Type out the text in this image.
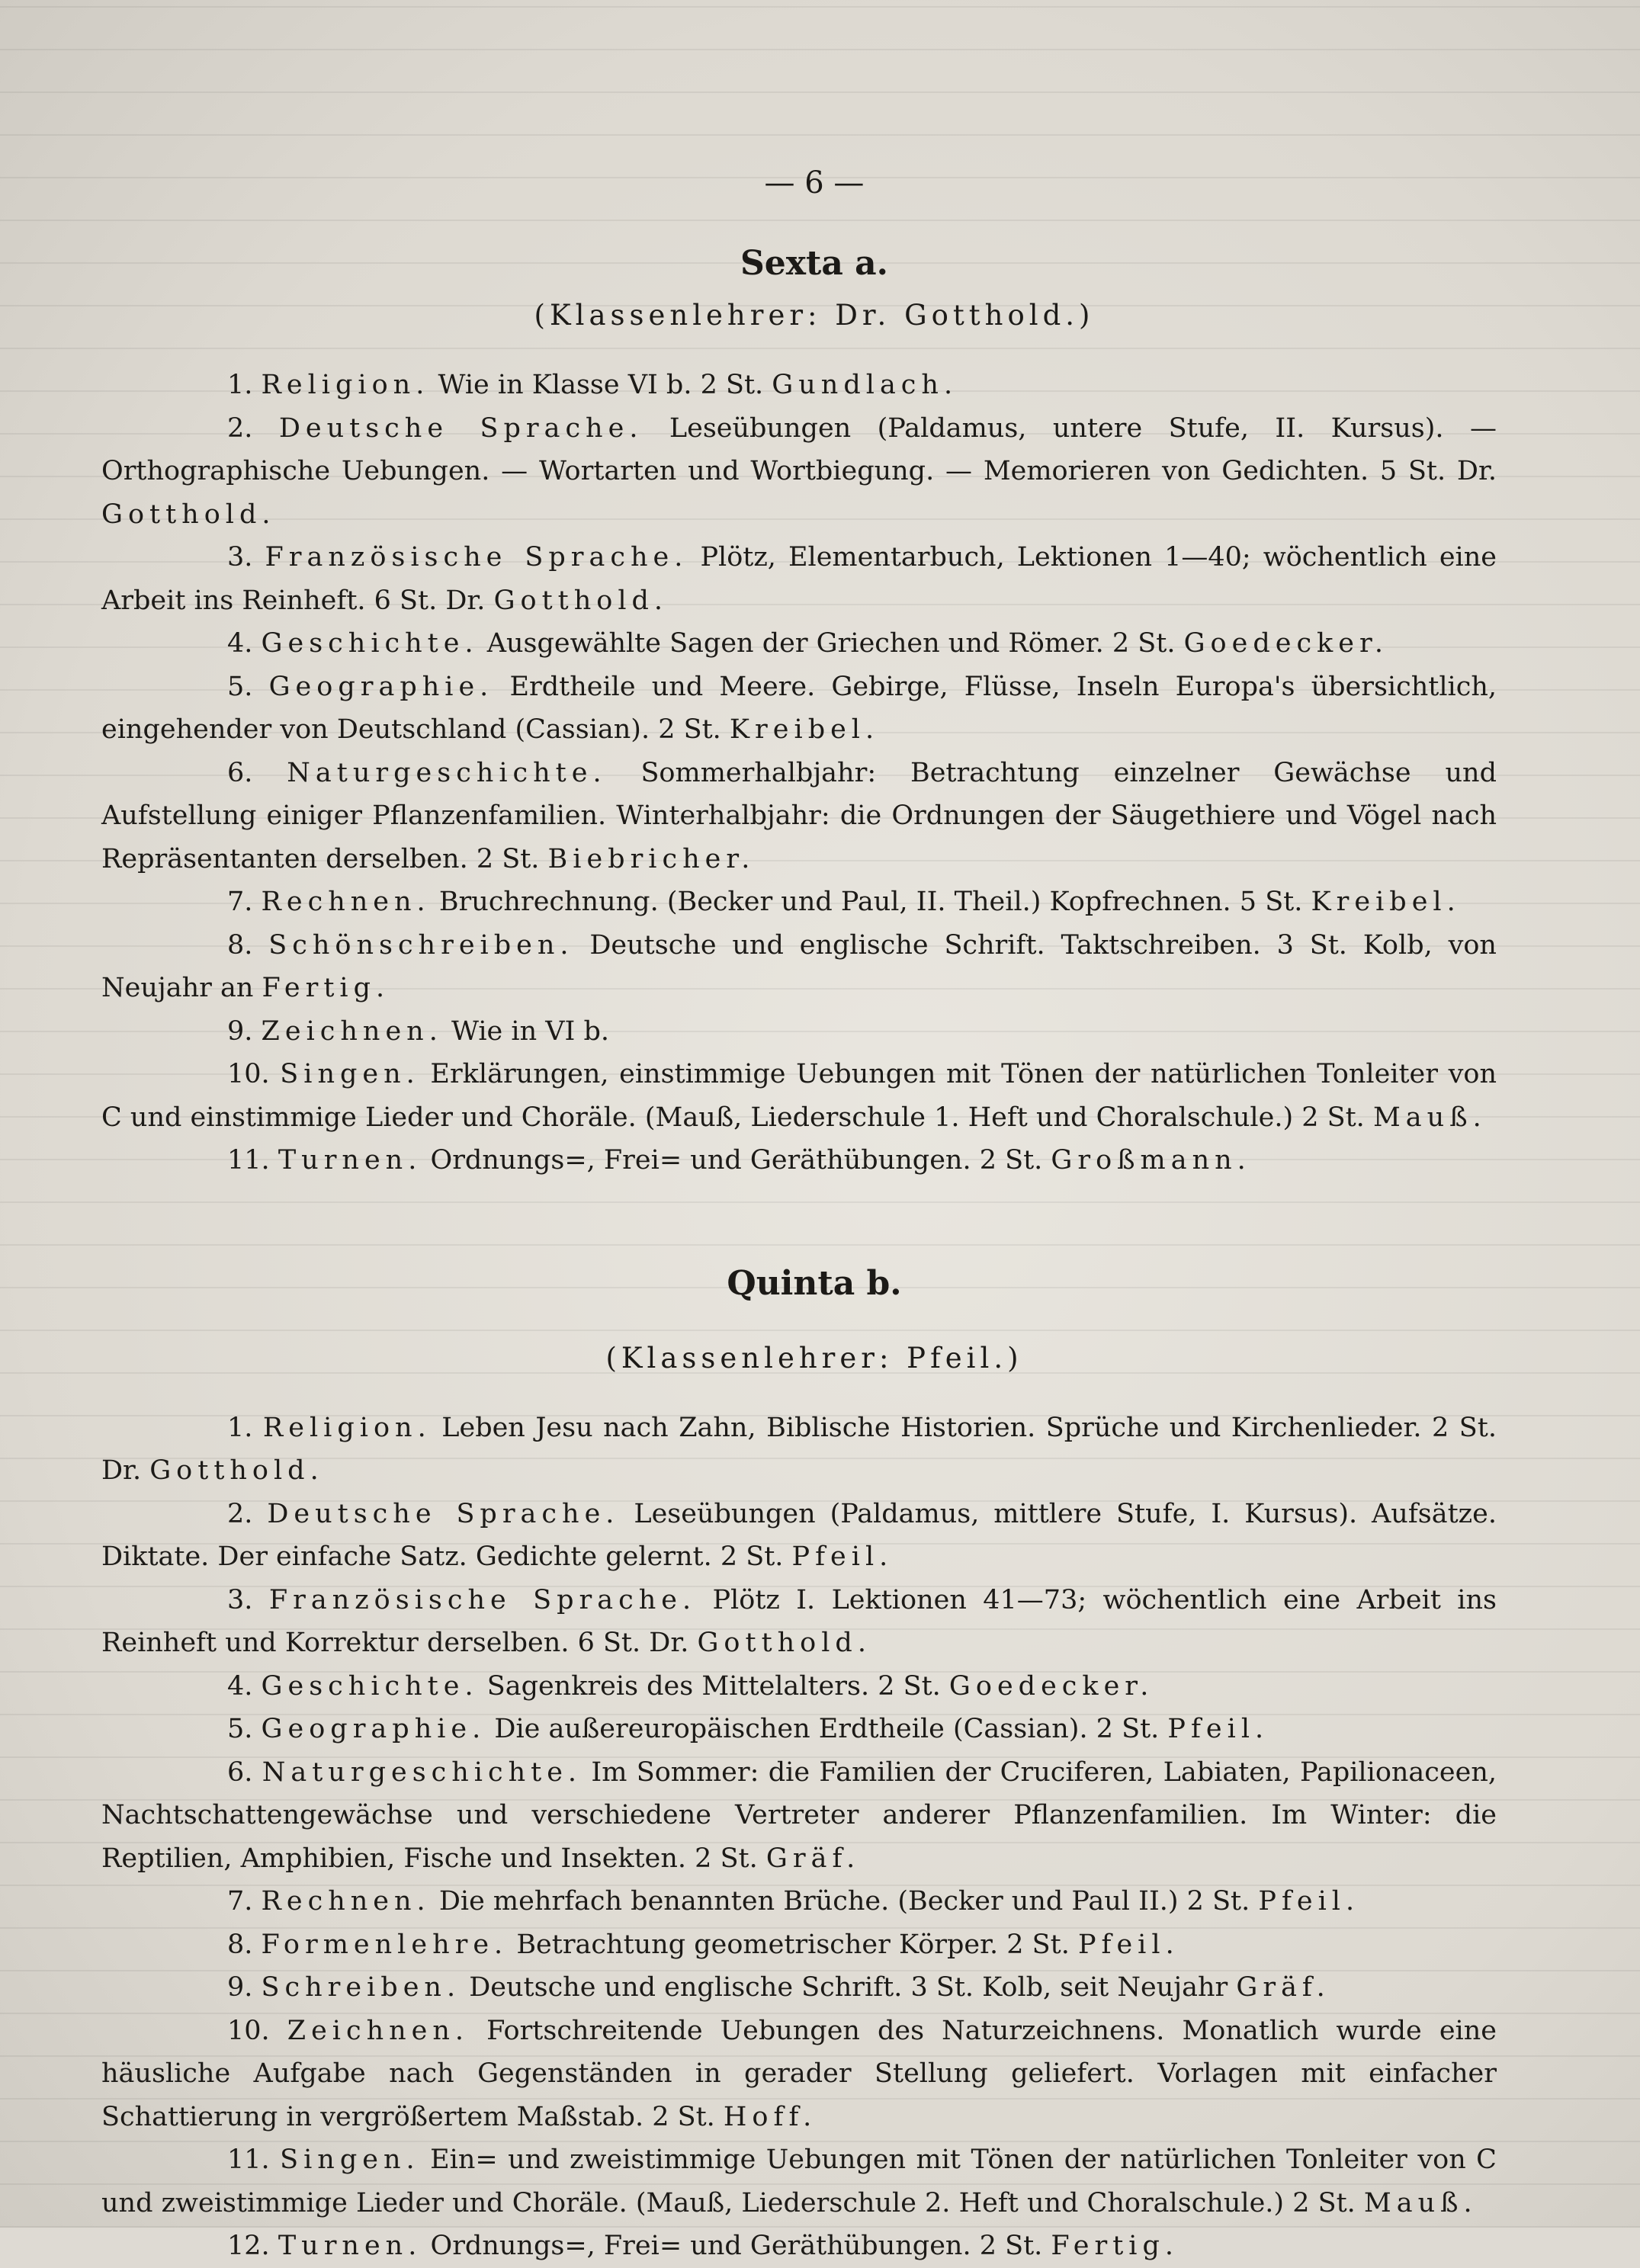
— 6 —
Sexta a.
(Klassenlehrer: Dr. Gotthold.)

1. Religion. Wie in Klasse VI b. 2 St. Gundlach.

2. Deutsche Sprache. Leseübungen (Paldamus, untere Stufe, II. Kursus). — Orthographische Uebungen. — Wortarten und Wortbiegung. — Memorieren von Gedichten. 5 St. Dr. Gotthold.

3. Französische Sprache. Plötz, Elementarbuch, Lektionen 1—40; wöchentlich eine Arbeit ins Reinheft. 6 St. Dr. Gotthold.

4. Geschichte. Ausgewählte Sagen der Griechen und Römer. 2 St. Goedecker.

5. Geographie. Erdtheile und Meere. Gebirge, Flüsse, Inseln Europa's übersichtlich, eingehender von Deutschland (Cassian). 2 St. Kreibel.

6. Naturgeschichte. Sommerhalbjahr: Betrachtung einzelner Gewächse und Aufstellung einiger Pflanzenfamilien. Winterhalbjahr: die Ordnungen der Säugethiere und Vögel nach Repräsentanten derselben. 2 St. Biebricher.

7. Rechnen. Bruchrechnung. (Becker und Paul, II. Theil.) Kopfrechnen. 5 St. Kreibel.

8. Schönschreiben. Deutsche und englische Schrift. Taktschreiben. 3 St. Kolb, von Neujahr an Fertig.

9. Zeichnen. Wie in VI b.

10. Singen. Erklärungen, einstimmige Uebungen mit Tönen der natürlichen Tonleiter von C und einstimmige Lieder und Choräle. (Mauß, Liederschule 1. Heft und Choralschule.) 2 St. Mauß.

11. Turnen. Ordnungs=, Frei= und Geräthübungen. 2 St. Großmann.

Quinta b.
(Klassenlehrer: Pfeil.)

1. Religion. Leben Jesu nach Zahn, Biblische Historien. Sprüche und Kirchenlieder. 2 St. Dr. Gotthold.

2. Deutsche Sprache. Leseübungen (Paldamus, mittlere Stufe, I. Kursus). Aufsätze. Diktate. Der einfache Satz. Gedichte gelernt. 2 St. Pfeil.

3. Französische Sprache. Plötz I. Lektionen 41—73; wöchentlich eine Arbeit ins Reinheft und Korrektur derselben. 6 St. Dr. Gotthold.

4. Geschichte. Sagenkreis des Mittelalters. 2 St. Goedecker.

5. Geographie. Die außereuropäischen Erdtheile (Cassian). 2 St. Pfeil.

6. Naturgeschichte. Im Sommer: die Familien der Cruciferen, Labiaten, Papilionaceen, Nachtschattengewächse und verschiedene Vertreter anderer Pflanzenfamilien. Im Winter: die Reptilien, Amphibien, Fische und Insekten. 2 St. Gräf.

7. Rechnen. Die mehrfach benannten Brüche. (Becker und Paul II.) 2 St. Pfeil.

8. Formenlehre. Betrachtung geometrischer Körper. 2 St. Pfeil.

9. Schreiben. Deutsche und englische Schrift. 3 St. Kolb, seit Neujahr Gräf.

10. Zeichnen. Fortschreitende Uebungen des Naturzeichnens. Monatlich wurde eine häusliche Aufgabe nach Gegenständen in gerader Stellung geliefert. Vorlagen mit einfacher Schattierung in vergrößertem Maßstab. 2 St. Hoff.

11. Singen. Ein= und zweistimmige Uebungen mit Tönen der natürlichen Tonleiter von C und zweistimmige Lieder und Choräle. (Mauß, Liederschule 2. Heft und Choralschule.) 2 St. Mauß.

12. Turnen. Ordnungs=, Frei= und Geräthübungen. 2 St. Fertig.
